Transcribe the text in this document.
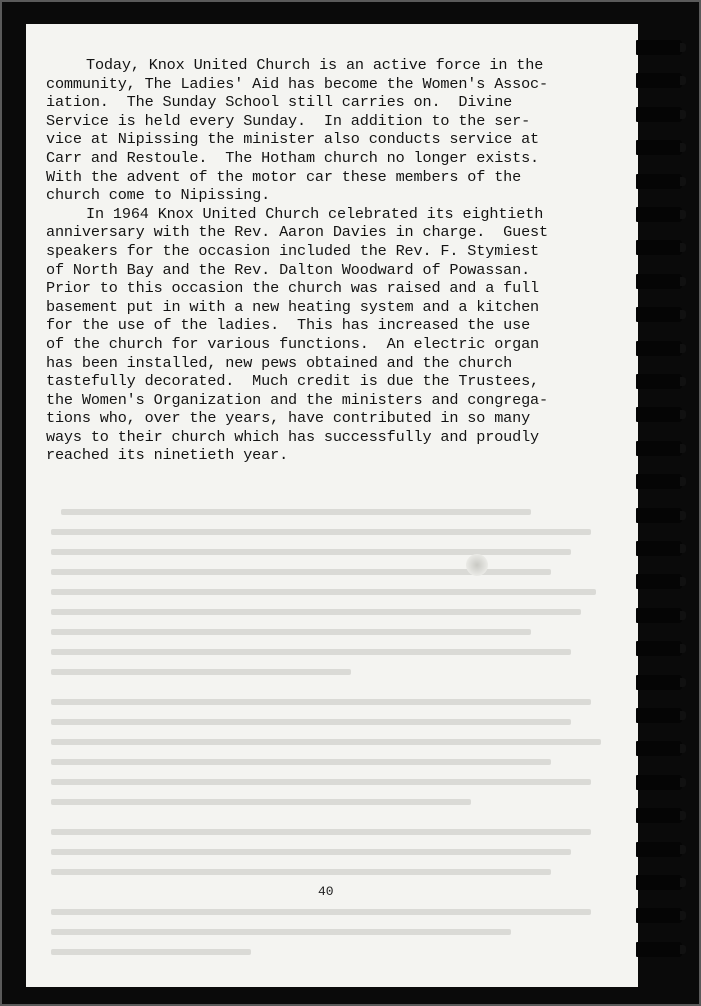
Today, Knox United Church is an active force in the
community, The Ladies' Aid has become the Women's Assoc-
iation.  The Sunday School still carries on.  Divine
Service is held every Sunday.  In addition to the ser-
vice at Nipissing the minister also conducts service at
Carr and Restoule.  The Hotham church no longer exists.
With the advent of the motor car these members of the
church come to Nipissing.
In 1964 Knox United Church celebrated its eightieth
anniversary with the Rev. Aaron Davies in charge.  Guest
speakers for the occasion included the Rev. F. Stymiest
of North Bay and the Rev. Dalton Woodward of Powassan.
Prior to this occasion the church was raised and a full
basement put in with a new heating system and a kitchen
for the use of the ladies.  This has increased the use
of the church for various functions.  An electric organ
has been installed, new pews obtained and the church
tastefully decorated.  Much credit is due the Trustees,
the Women's Organization and the ministers and congrega-
tions who, over the years, have contributed in so many
ways to their church which has successfully and proudly
reached its ninetieth year.
40
